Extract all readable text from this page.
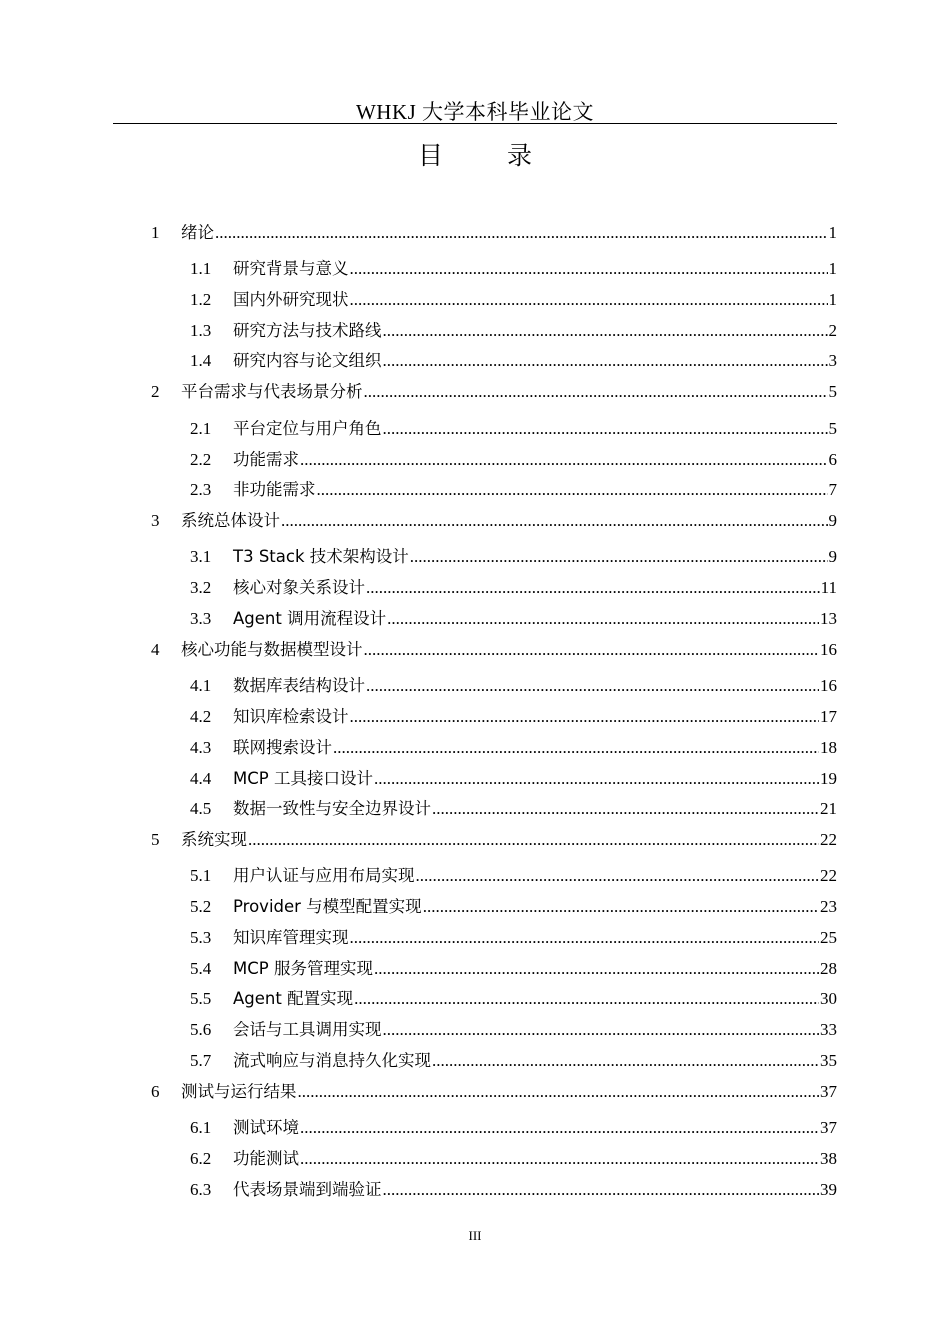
WHKJ 大学本科毕业论文
目 录
1 绪论 .....	1
1.1 研究背景与意义 .....	1
1.2 国内外研究现状 .....	1
1.3 研究方法与技术路线 .....	2
1.4 研究内容与论文组织 .....	3
2 平台需求与代表场景分析 .....	5
2.1 平台定位与用户角色 .....	5
2.2 功能需求 .....	6
2.3 非功能需求 .....	7
3 系统总体设计 .....	9
3.1 T3 Stack 技术架构设计 .....	9
3.2 核心对象关系设计 .....	11
3.3 Agent 调用流程设计 .....	13
4 核心功能与数据模型设计 .....	16
4.1 数据库表结构设计 .....	16
4.2 知识库检索设计 .....	17
4.3 联网搜索设计 .....	18
4.4 MCP 工具接口设计 .....	19
4.5 数据一致性与安全边界设计 .....	21
5 系统实现 .....	22
5.1 用户认证与应用布局实现 .....	22
5.2 Provider 与模型配置实现 .....	23
5.3 知识库管理实现 .....	25
5.4 MCP 服务管理实现 .....	28
5.5 Agent 配置实现 .....	30
5.6 会话与工具调用实现 .....	33
5.7 流式响应与消息持久化实现 .....	35
6 测试与运行结果 .....	37
6.1 测试环境 .....	37
6.2 功能测试 .....	38
6.3 代表场景端到端验证 .....	39
III
